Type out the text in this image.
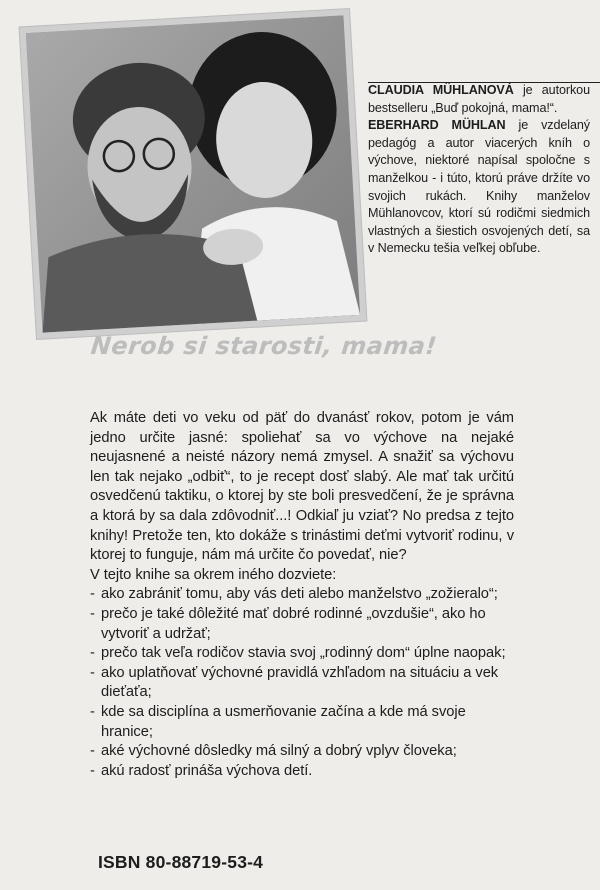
CLAUDIA MÜHLANOVÁ je autorkou bestselleru „Buď pokojná, mama!“.
EBERHARD MÜHLAN je vzdelaný pedagóg a autor viacerých kníh o výchove, niektoré napísal spoločne s manželkou - i túto, ktorú práve držíte vo svojich rukách. Knihy manželov Mühlanovcov, ktorí sú rodičmi siedmich vlastných a šiestich osvojených detí, sa v Nemecku tešia veľkej obľube.
Nerob si starosti, mama!

Ak máte deti vo veku od päť do dvanásť rokov, potom je vám jedno určite jasné: spoliehať sa vo výchove na nejaké neujasnené a neisté názory nemá zmysel. A snažiť sa výchovu len tak nejako „odbiť“, to je recept dosť slabý. Ale mať tak určitú osvedčenú taktiku, o ktorej by ste boli presvedčení, že je správna a ktorá by sa dala zdôvodniť...! Odkiaľ ju vziať? No predsa z tejto knihy! Pretože ten, kto dokáže s trinástimi deťmi vytvoriť rodinu, v ktorej to funguje, nám má určite čo povedať, nie?

V tejto knihe sa okrem iného dozviete:

- ako zabrániť tomu, aby vás deti alebo manželstvo „zožieralo“;
- prečo je také dôležité mať dobré rodinné „ovzdušie“, ako ho vytvoriť a udržať;
- prečo tak veľa rodičov stavia svoj „rodinný dom“ úplne naopak;
- ako uplatňovať výchovné pravidlá vzhľadom na situáciu a vek dieťaťa;
- kde sa disciplína a usmerňovanie začína a kde má svoje hranice;
- aké výchovné dôsledky má silný a dobrý vplyv človeka;
- akú radosť prináša výchova detí.
ISBN 80-88719-53-4
